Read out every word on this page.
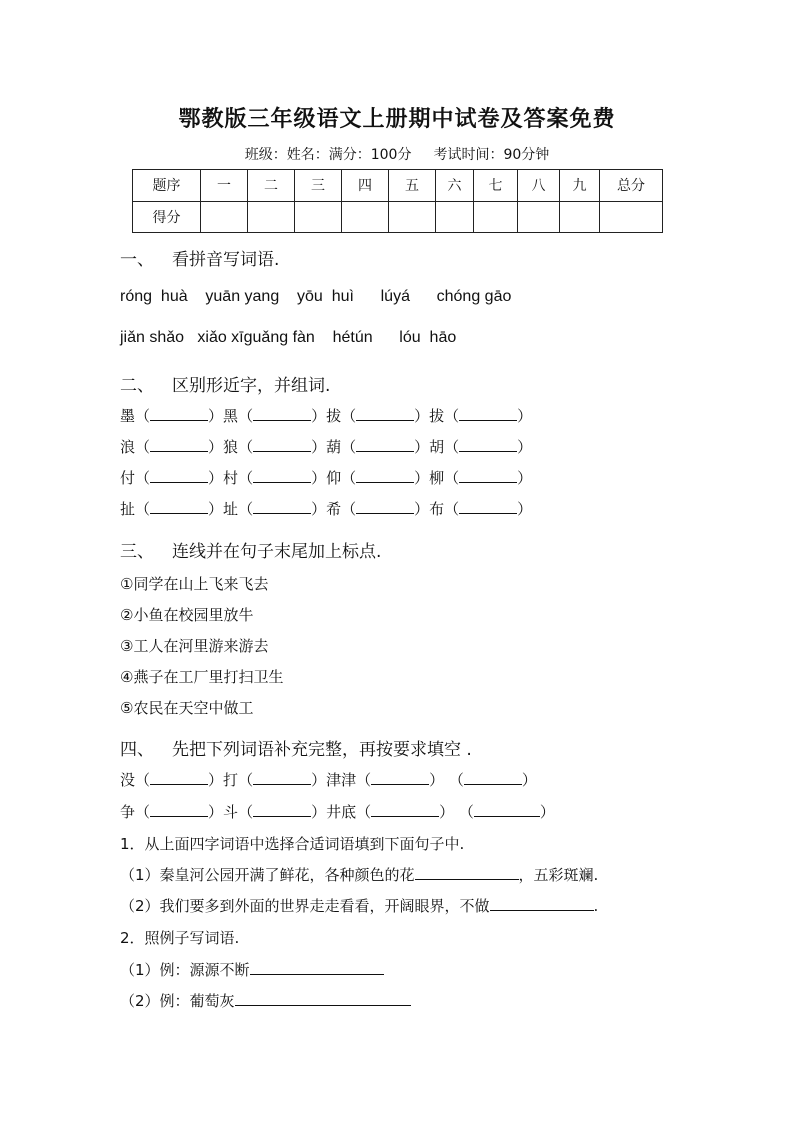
鄂教版三年级语文上册期中试卷及答案免费
班级：姓名：满分：100分 考试时间：90分钟
题序	一	二	三	四	五	六	七	八	九	总分
得分										
一、 看拼音写词语.
róng  huà    yuān yang    yōu  huì      lúyá      chóng gāo
jiǎn shǎo   xiǎo xīguǎng fàn    hétún      lóu  hāo
二、 区别形近字，并组词.
墨（	）黑（	）拔（	）拔（	）
浪（	）狼（	）葫（	）胡（	）
付（	）村（	）仰（	）柳（	）
扯（	）址（	）希（	）布（	）
三、 连线并在句子末尾加上标点.
①同学在山上飞来飞去
②小鱼在校园里放牛
③工人在河里游来游去
④燕子在工厂里打扫卫生
⑤农民在天空中做工
四、 先把下列词语补充完整，再按要求填空 .
没（	）打（	）津津（	） （	）
争（	）斗（	）井底（	） （	）
1．从上面四字词语中选择合适词语填到下面句子中.
（1）秦皇河公园开满了鲜花，各种颜色的花	，五彩斑斓.
（2）我们要多到外面的世界走走看看，开阔眼界，不做	.
2．照例子写词语.
（1）例：源源不断
（2）例：葡萄灰
